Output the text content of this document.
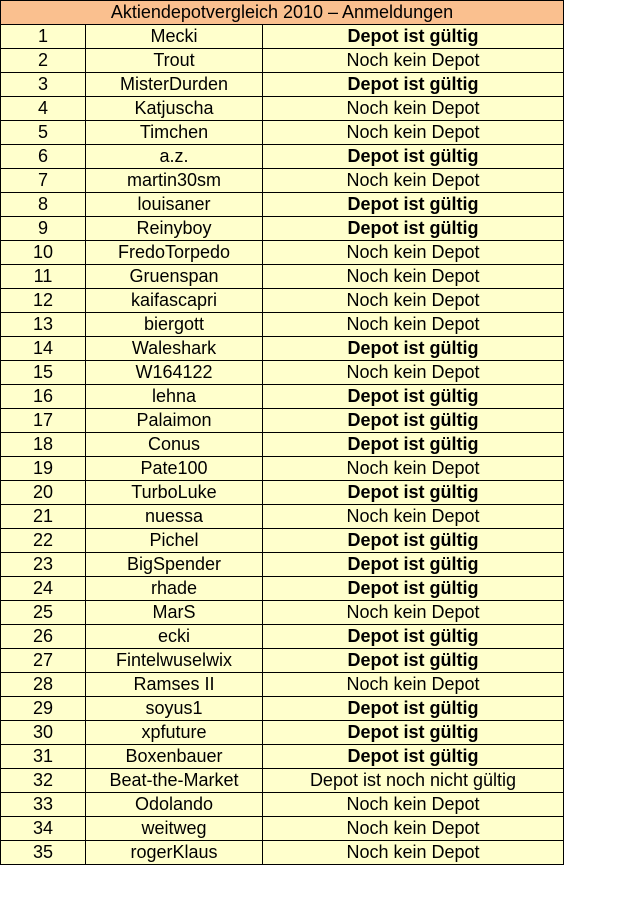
Aktiendepotvergleich 2010 – Anmeldungen		
1	Mecki	Depot ist gültig
2	Trout	Noch kein Depot
3	MisterDurden	Depot ist gültig
4	Katjuscha	Noch kein Depot
5	Timchen	Noch kein Depot
6	a.z.	Depot ist gültig
7	martin30sm	Noch kein Depot
8	louisaner	Depot ist gültig
9	Reinyboy	Depot ist gültig
10	FredoTorpedo	Noch kein Depot
11	Gruenspan	Noch kein Depot
12	kaifascapri	Noch kein Depot
13	biergott	Noch kein Depot
14	Waleshark	Depot ist gültig
15	W164122	Noch kein Depot
16	lehna	Depot ist gültig
17	Palaimon	Depot ist gültig
18	Conus	Depot ist gültig
19	Pate100	Noch kein Depot
20	TurboLuke	Depot ist gültig
21	nuessa	Noch kein Depot
22	Pichel	Depot ist gültig
23	BigSpender	Depot ist gültig
24	rhade	Depot ist gültig
25	MarS	Noch kein Depot
26	ecki	Depot ist gültig
27	Fintelwuselwix	Depot ist gültig
28	Ramses II	Noch kein Depot
29	soyus1	Depot ist gültig
30	xpfuture	Depot ist gültig
31	Boxenbauer	Depot ist gültig
32	Beat-the-Market	Depot ist noch nicht gültig
33	Odolando	Noch kein Depot
34	weitweg	Noch kein Depot
35	rogerKlaus	Noch kein Depot
